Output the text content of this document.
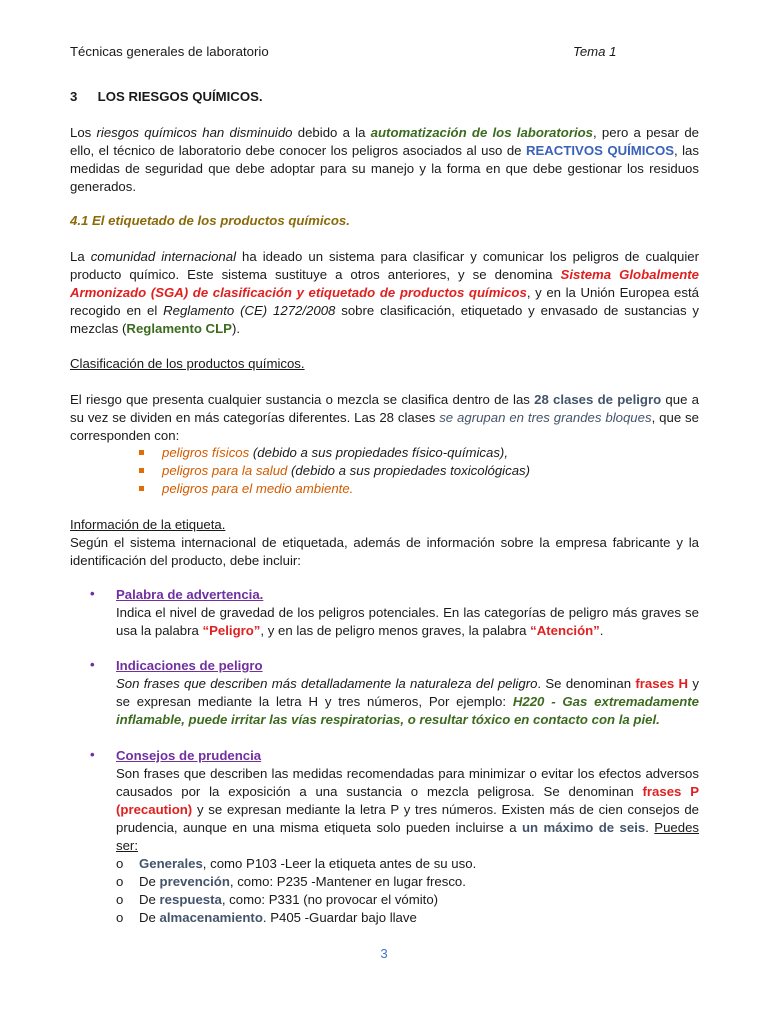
Técnicas generales de laboratorio	Tema 1
3 LOS RIESGOS QUÍMICOS.

Los riesgos químicos han disminuido debido a la automatización de los laboratorios, pero a pesar de ello, el técnico de laboratorio debe conocer los peligros asociados al uso de REACTIVOS QUÍMICOS, las medidas de seguridad que debe adoptar para su manejo y la forma en que debe gestionar los residuos generados.

4.1 El etiquetado de los productos químicos.

La comunidad internacional ha ideado un sistema para clasificar y comunicar los peligros de cualquier producto químico. Este sistema sustituye a otros anteriores, y se denomina Sistema Globalmente Armonizado (SGA) de clasificación y etiquetado de productos químicos, y en la Unión Europea está recogido en el Reglamento (CE) 1272/2008 sobre clasificación, etiquetado y envasado de sustancias y mezclas (Reglamento CLP).

Clasificación de los productos químicos.

El riesgo que presenta cualquier sustancia o mezcla se clasifica dentro de las 28 clases de peligro que a su vez se dividen en más categorías diferentes. Las 28 clases se agrupan en tres grandes bloques, que se corresponden con:

peligros físicos (debido a sus propiedades físico-químicas),
peligros para la salud (debido a sus propiedades toxicológicas)
peligros para el medio ambiente.

Información de la etiqueta.

Según el sistema internacional de etiquetada, además de información sobre la empresa fabricante y la identificación del producto, debe incluir:

• Palabra de advertencia.

Indica el nivel de gravedad de los peligros potenciales. En las categorías de peligro más graves se usa la palabra “Peligro”, y en las de peligro menos graves, la palabra “Atención”.

• Indicaciones de peligro

Son frases que describen más detalladamente la naturaleza del peligro. Se denominan frases H y se expresan mediante la letra H y tres números, Por ejemplo: H220 - Gas extremadamente inflamable, puede irritar las vías respiratorias, o resultar tóxico en contacto con la piel.

• Consejos de prudencia

Son frases que describen las medidas recomendadas para minimizar o evitar los efectos adversos causados por la exposición a una sustancia o mezcla peligrosa. Se denominan frases P (precaution) y se expresan mediante la letra P y tres números. Existen más de cien consejos de prudencia, aunque en una misma etiqueta solo pueden incluirse a un máximo de seis. Puedes ser:

o Generales, como P103 -Leer la etiqueta antes de su uso.
o De prevención, como: P235 -Mantener en lugar fresco.
o De respuesta, como: P331 (no provocar el vómito)
o De almacenamiento. P405 -Guardar bajo llave
3
